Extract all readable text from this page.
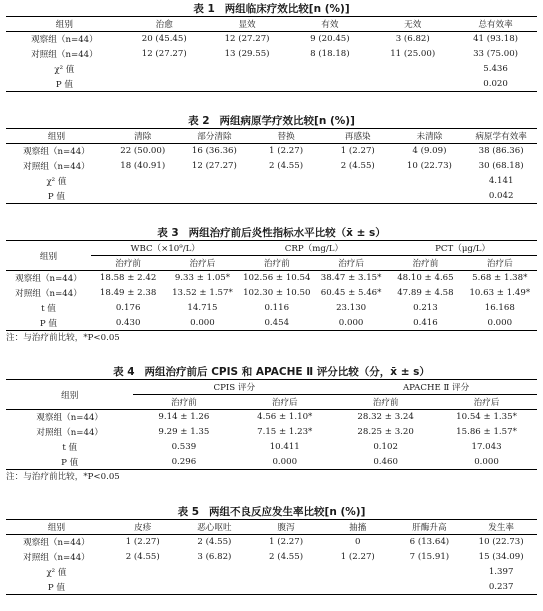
表 1 两组临床疗效比较[n (%)]
组别	治愈	显效	有效	无效	总有效率
观察组（n=44）	20 (45.45)	12 (27.27)	9 (20.45)	3 (6.82)	41 (93.18)
对照组（n=44）	12 (27.27)	13 (29.55)	8 (18.18)	11 (25.00)	33 (75.00)
χ² 值					5.436
P 值					0.020
表 2 两组病原学疗效比较[n (%)]
组别	清除	部分清除	替换	再感染	未清除	病原学有效率
观察组（n=44）	22 (50.00)	16 (36.36)	1 (2.27)	1 (2.27)	4 (9.09)	38 (86.36)
对照组（n=44）	18 (40.91)	12 (27.27)	2 (4.55)	2 (4.55)	10 (22.73)	30 (68.18)
χ² 值						4.141
P 值						0.042
表 3 两组治疗前后炎性指标水平比较（x̄ ± s）
组别	WBC（×10⁹/L）		CRP（mg/L）		PCT（μg/L）	
	治疗前	治疗后	治疗前	治疗后	治疗前	治疗后
观察组（n=44）	18.58 ± 2.42	9.33 ± 1.05*	102.56 ± 10.54	38.47 ± 3.15*	48.10 ± 4.65	5.68 ± 1.38*
对照组（n=44）	18.49 ± 2.38	13.52 ± 1.57*	102.30 ± 10.50	60.45 ± 5.46*	47.89 ± 4.58	10.63 ± 1.49*
t 值	0.176	14.715	0.116	23.130	0.213	16.168
P 值	0.430	0.000	0.454	0.000	0.416	0.000
注：与治疗前比较，*P<0.05
表 4 两组治疗前后 CPIS 和 APACHE Ⅱ 评分比较（分，x̄ ± s）
组别	CPIS 评分		APACHE Ⅱ 评分	
	治疗前	治疗后	治疗前	治疗后
观察组（n=44）	9.14 ± 1.26	4.56 ± 1.10*	28.32 ± 3.24	10.54 ± 1.35*
对照组（n=44）	9.29 ± 1.35	7.15 ± 1.23*	28.25 ± 3.20	15.86 ± 1.57*
t 值	0.539	10.411	0.102	17.043
P 值	0.296	0.000	0.460	0.000
注：与治疗前比较，*P<0.05
表 5 两组不良反应发生率比较[n (%)]
组别	皮疹	恶心呕吐	腹泻	抽搐	肝酶升高	发生率
观察组（n=44）	1 (2.27)	2 (4.55)	1 (2.27)	0	6 (13.64)	10 (22.73)
对照组（n=44）	2 (4.55)	3 (6.82)	2 (4.55)	1 (2.27)	7 (15.91)	15 (34.09)
χ² 值						1.397
P 值						0.237
